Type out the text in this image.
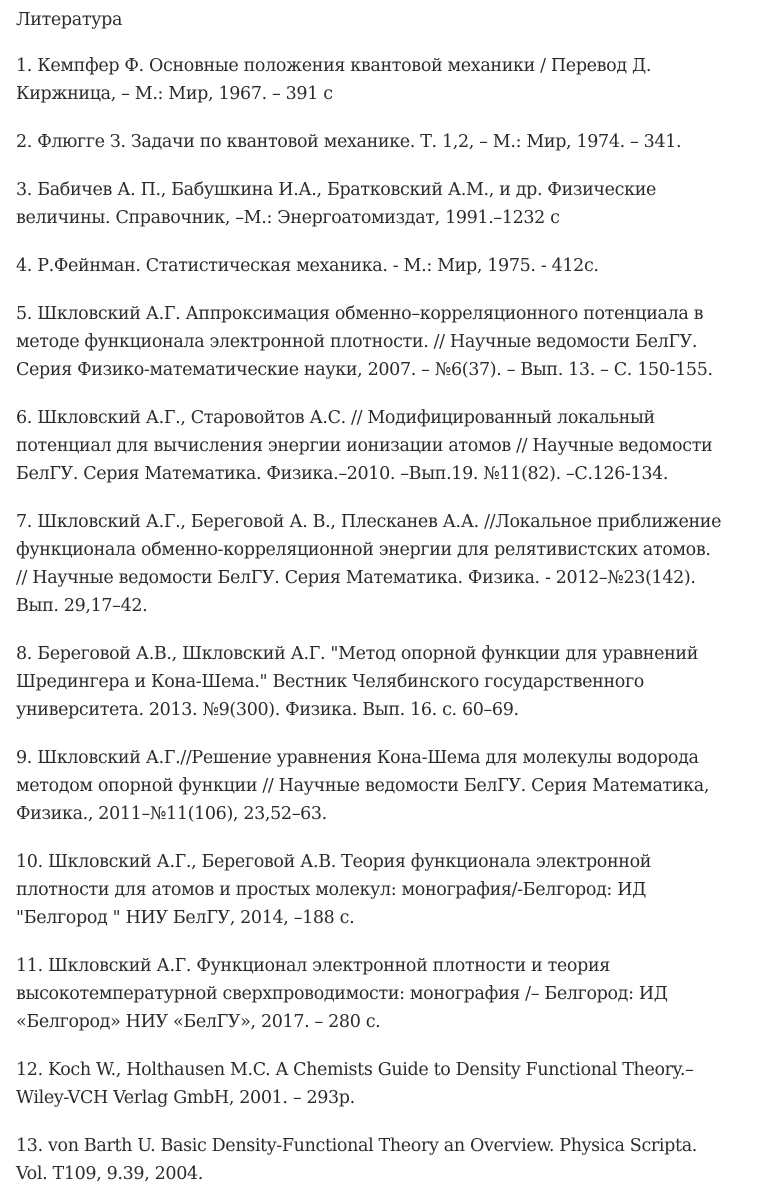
Литература
1. Кемпфер Ф. Основные положения квантовой механики / Перевод Д.
Киржница, – М.: Мир, 1967. – 391 с
2. Флюгге З. Задачи по квантовой механике. Т. 1,2, – М.: Мир, 1974. – 341.
3. Бабичев А. П., Бабушкина И.А., Братковский А.М., и др. Физические
величины. Справочник, –М.: Энергоатомиздат, 1991.–1232 с
4. Р.Фейнман. Статистическая механика. - М.: Мир, 1975. - 412с.
5. Шкловский А.Г. Аппроксимация обменно–корреляционного потенциала в
методе функционала электронной плотности. // Научные ведомости БелГУ.
Серия Физико-математические науки, 2007. – №6(37). – Вып. 13. – С. 150-155.
6. Шкловский А.Г., Старовойтов А.С. // Модифицированный локальный
потенциал для вычисления энергии ионизации атомов // Научные ведомости
БелГУ. Серия Математика. Физика.–2010. –Вып.19. №11(82). –С.126-134.
7. Шкловский А.Г., Береговой А. В., Плесканев А.А. //Локальное приближение
функционала обменно-корреляционной энергии для релятивистских атомов.
// Научные ведомости БелГУ. Серия Математика. Физика. - 2012–№23(142).
Вып. 29,17–42.
8. Береговой А.В., Шкловский А.Г. "Метод опорной функции для уравнений
Шредингера и Кона-Шема." Вестник Челябинского государственного
университета. 2013. №9(300). Физика. Вып. 16. с. 60–69.
9. Шкловский А.Г.//Решение уравнения Кона-Шема для молекулы водорода
методом опорной функции // Научные ведомости БелГУ. Серия Математика,
Физика., 2011–№11(106), 23,52–63.
10. Шкловский А.Г., Береговой А.В. Теория функционала электронной
плотности для атомов и простых молекул: монография/-Белгород: ИД
"Белгород " НИУ БелГУ, 2014, –188 с.
11. Шкловский А.Г. Функционал электронной плотности и теория
высокотемпературной сверхпроводимости: монография /– Белгород: ИД
«Белгород» НИУ «БелГУ», 2017. – 280 с.
12. Koch W., Holthausen M.C. A Chemists Guide to Density Functional Theory.–
Wiley-VCH Verlag GmbH, 2001. – 293р.
13. von Barth U. Basic Density-Functional Theory an Overview. Physica Scripta.
Vol. T109, 9.39, 2004.
